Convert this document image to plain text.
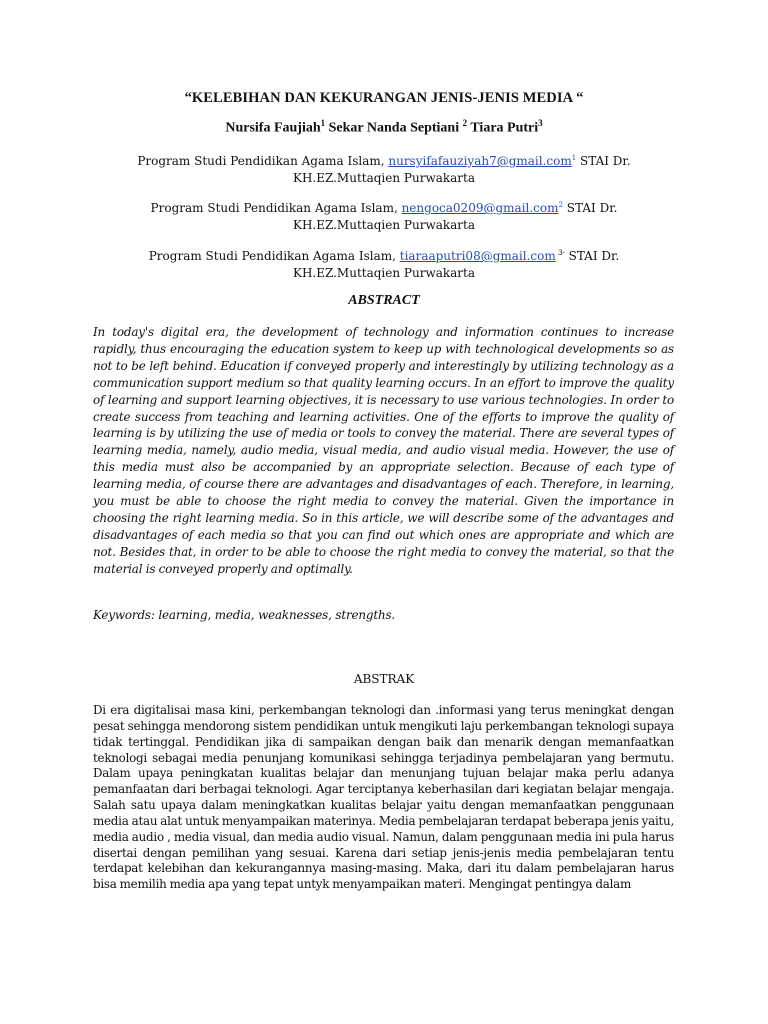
“KELEBIHAN DAN KEKURANGAN JENIS-JENIS MEDIA “
Nursifa Faujiah$^1$ Sekar Nanda Septiani $^2$ Tiara Putri$^3$
Program Studi Pendidikan Agama Islam, nursyifafauziyah7@gmail.com$^1$ STAI Dr.
KH.EZ.Muttaqien Purwakarta
Program Studi Pendidikan Agama Islam, nengoca0209@gmail.com$^2$ STAI Dr.
KH.EZ.Muttaqien Purwakarta
Program Studi Pendidikan Agama Islam, tiaraaputri08@gmail.com $^{3-}$ STAI Dr.
KH.EZ.Muttaqien Purwakarta
ABSTRACT
In today's digital era, the development of technology and information continues to increase rapidly, thus encouraging the education system to keep up with technological developments so as not to be left behind. Education if conveyed properly and interestingly by utilizing technology as a communication support medium so that quality learning occurs. In an effort to improve the quality of learning and support learning objectives, it is necessary to use various technologies. In order to create success from teaching and learning activities. One of the efforts to improve the quality of learning is by utilizing the use of media or tools to convey the material. There are several types of learning media, namely, audio media, visual media, and audio visual media. However, the use of this media must also be accompanied by an appropriate selection. Because of each type of learning media, of course there are advantages and disadvantages of each. Therefore, in learning, you must be able to choose the right media to convey the material. Given the importance in choosing the right learning media. So in this article, we will describe some of the advantages and disadvantages of each media so that you can find out which ones are appropriate and which are not. Besides that, in order to be able to choose the right media to convey the material, so that the material is conveyed properly and optimally.
Keywords: learning, media, weaknesses, strengths.
ABSTRAK
Di era digitalisai masa kini, perkembangan teknologi dan .informasi yang terus meningkat dengan pesat sehingga mendorong sistem pendidikan untuk mengikuti laju perkembangan teknologi supaya tidak tertinggal. Pendidikan jika di sampaikan dengan baik dan menarik dengan memanfaatkan teknologi sebagai media penunjang komunikasi sehingga terjadinya pembelajaran yang bermutu. Dalam upaya peningkatan kualitas belajar dan menunjang tujuan belajar maka perlu adanya pemanfaatan dari berbagai teknologi. Agar terciptanya keberhasilan dari kegiatan belajar mengaja. Salah satu upaya dalam meningkatkan kualitas belajar yaitu dengan memanfaatkan penggunaan media atau alat untuk menyampaikan materinya. Media pembelajaran terdapat beberapa jenis yaitu, media audio , media visual, dan media audio visual. Namun, dalam penggunaan media ini pula harus disertai dengan pemilihan yang sesuai. Karena dari setiap jenis-jenis media pembelajaran tentu terdapat kelebihan dan kekurangannya masing-masing. Maka, dari itu dalam pembelajaran harus bisa memilih media apa yang tepat untyk menyampaikan materi. Mengingat pentingya dalam
